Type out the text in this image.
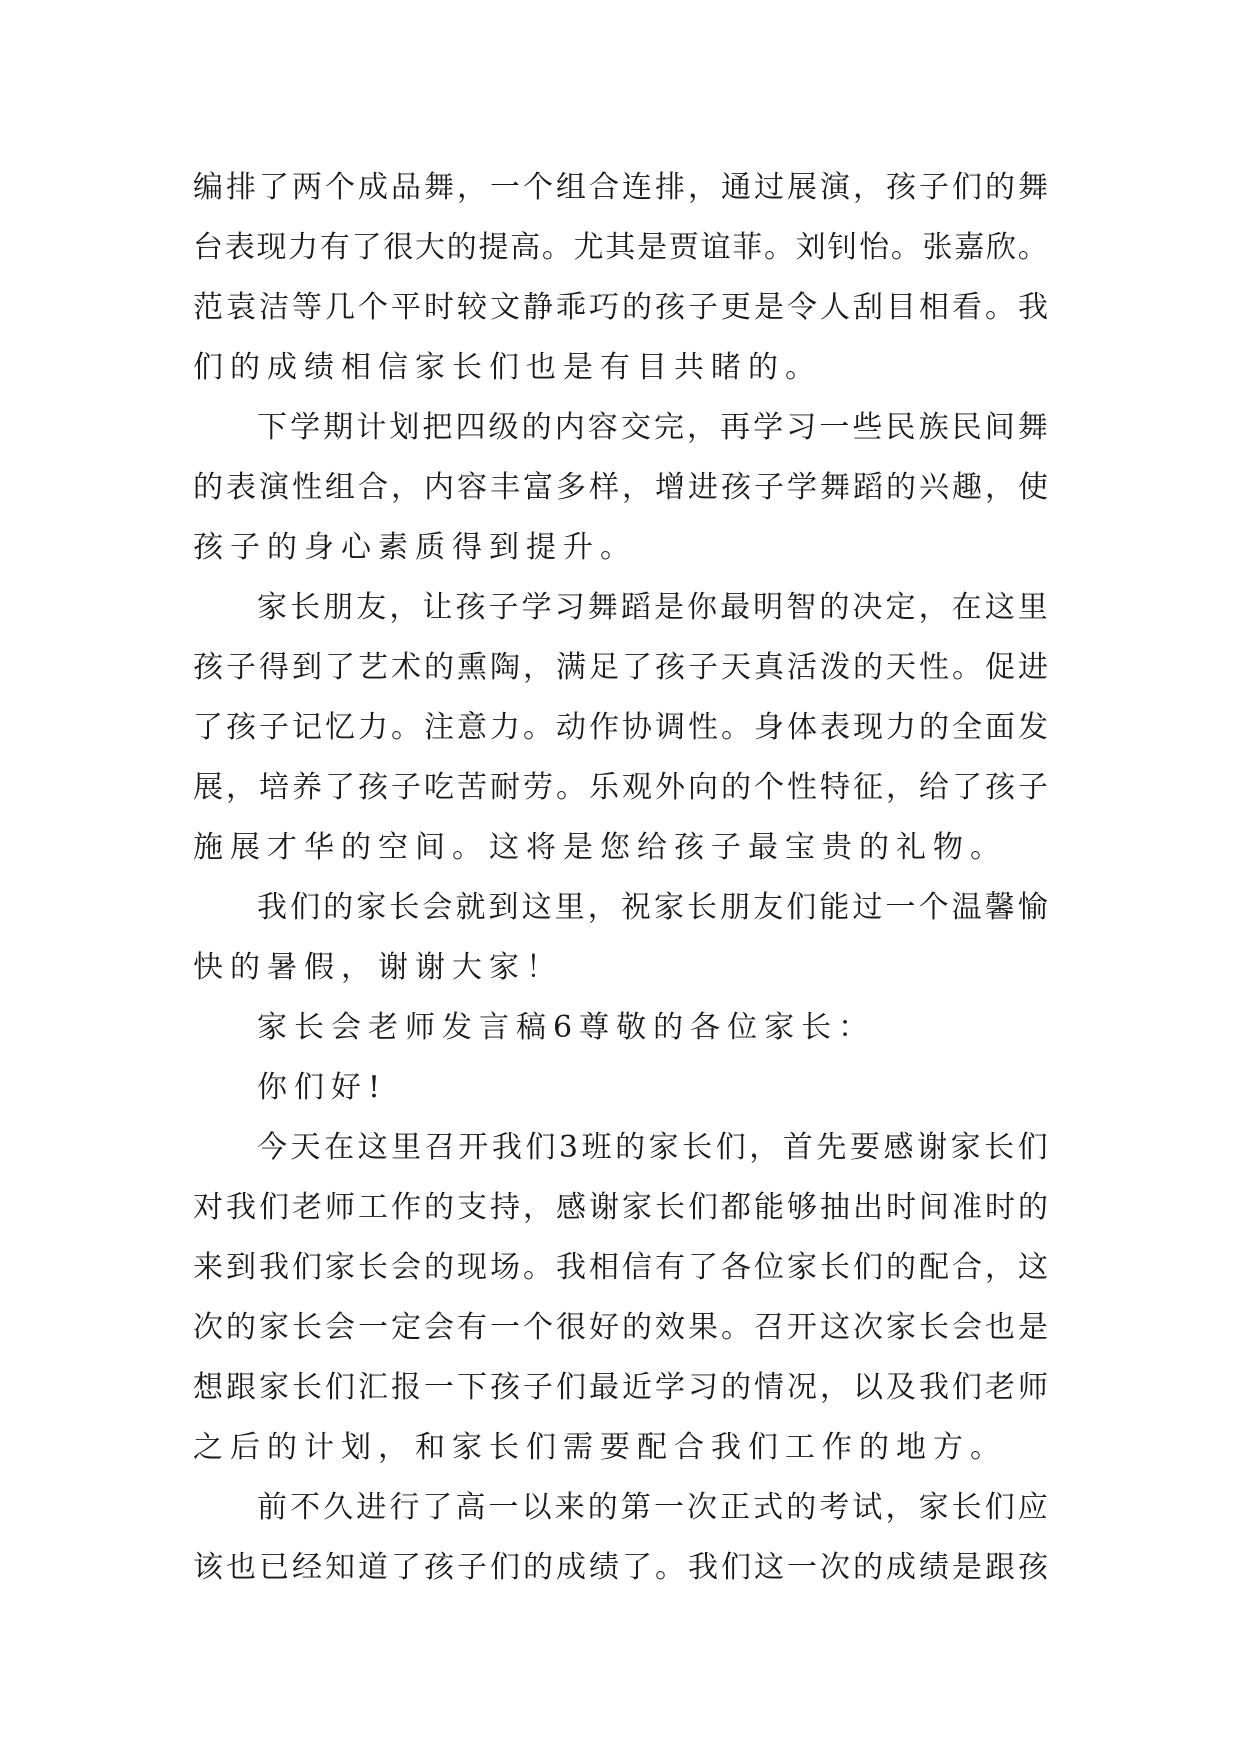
编 排 了 两 个 成 品 舞 ， 一 个 组 合 连 排 ， 通 过 展 演 ， 孩 子 们 的 舞
台 表 现 力 有 了 很 大 的 提 高 。 尤 其 是 贾 谊 菲 。 刘 钊 怡 。 张 嘉 欣 。
范 袁 洁 等 几 个 平 时 较 文 静 乖 巧 的 孩 子 更 是 令 人 刮 目 相 看 。 我
们的成绩相信家长们也是有目共睹的。
下 学 期 计 划 把 四 级 的 内 容 交 完 ， 再 学 习 一 些 民 族 民 间 舞
的 表 演 性 组 合 ， 内 容 丰 富 多 样 ， 增 进 孩 子 学 舞 蹈 的 兴 趣 ， 使
孩子的身心素质得到提升。
家 长 朋 友 ， 让 孩 子 学 习 舞 蹈 是 你 最 明 智 的 决 定 ， 在 这 里
孩 子 得 到 了 艺 术 的 熏 陶 ， 满 足 了 孩 子 天 真 活 泼 的 天 性 。 促 进
了 孩 子 记 忆 力 。 注 意 力 。 动 作 协 调 性 。 身 体 表 现 力 的 全 面 发
展 ， 培 养 了 孩 子 吃 苦 耐 劳 。 乐 观 外 向 的 个 性 特 征 ， 给 了 孩 子
施展才华的空间。这将是您给孩子最宝贵的礼物。
我 们 的 家 长 会 就 到 这 里 ， 祝 家 长 朋 友 们 能 过 一 个 温 馨 愉
快的暑假，谢谢大家！
家长会老师发言稿6尊敬的各位家长：
你们好!
今 天 在 这 里 召 开 我 们 3 班 的 家 长 们 ， 首 先 要 感 谢 家 长 们
对 我 们 老 师 工 作 的 支 持 ， 感 谢 家 长 们 都 能 够 抽 出 时 间 准 时 的
来 到 我 们 家 长 会 的 现 场 。 我 相 信 有 了 各 位 家 长 们 的 配 合 ， 这
次 的 家 长 会 一 定 会 有 一 个 很 好 的 效 果 。 召 开 这 次 家 长 会 也 是
想 跟 家 长 们 汇 报 一 下 孩 子 们 最 近 学 习 的 情 况 ， 以 及 我 们 老 师
之后的计划，和家长们需要配合我们工作的地方。
前 不 久 进 行 了 高 一 以 来 的 第 一 次 正 式 的 考 试 ， 家 长 们 应
该 也 已 经 知 道 了 孩 子 们 的 成 绩 了 。 我 们 这 一 次 的 成 绩 是 跟 孩
